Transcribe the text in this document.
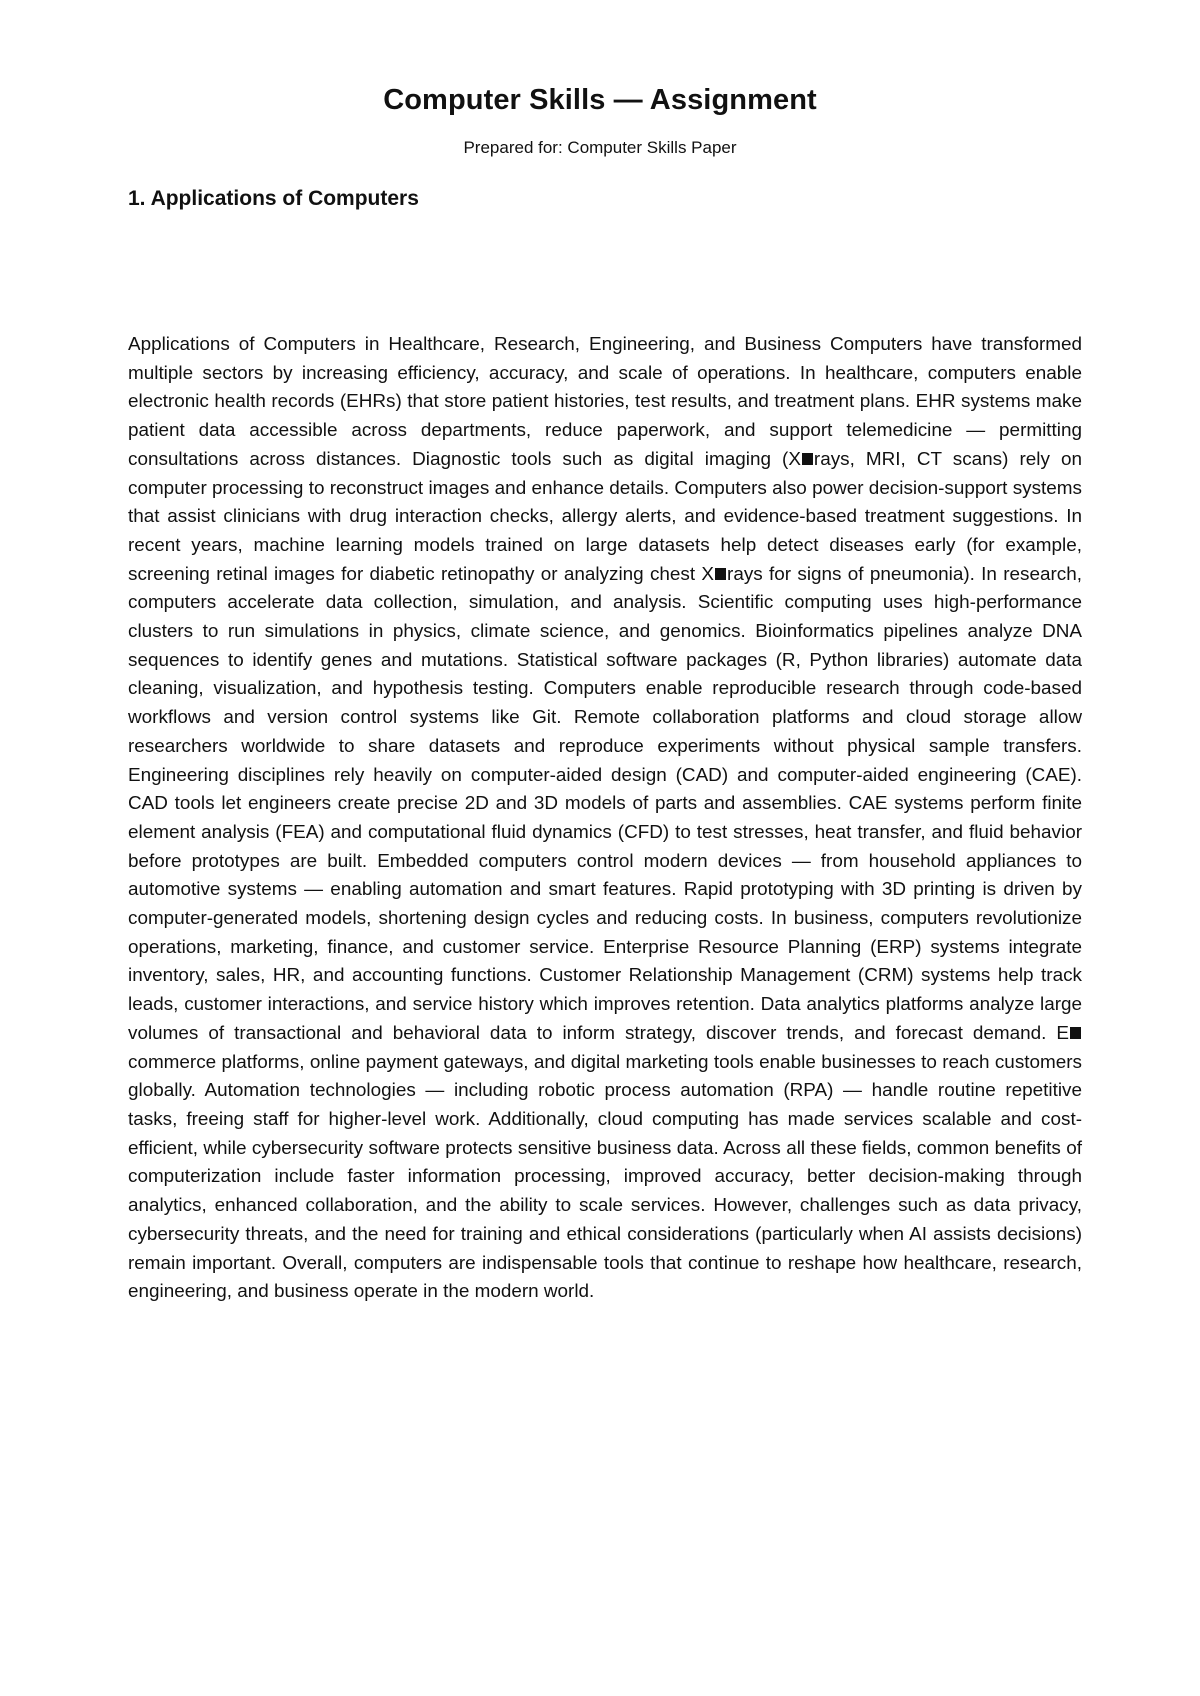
Computer Skills — Assignment

Prepared for: Computer Skills Paper

1. Applications of Computers

Applications of Computers in Healthcare, Research, Engineering, and Business Computers have transformed multiple sectors by increasing efficiency, accuracy, and scale of operations. In healthcare, computers enable electronic health records (EHRs) that store patient histories, test results, and treatment plans. EHR systems make patient data accessible across departments, reduce paperwork, and support telemedicine — permitting consultations across distances. Diagnostic tools such as digital imaging (X rays, MRI, CT scans) rely on computer processing to reconstruct images and enhance details. Computers also power decision-support systems that assist clinicians with drug interaction checks, allergy alerts, and evidence-based treatment suggestions. In recent years, machine learning models trained on large datasets help detect diseases early (for example, screening retinal images for diabetic retinopathy or analyzing chest X rays for signs of pneumonia). In research, computers accelerate data collection, simulation, and analysis. Scientific computing uses high-performance clusters to run simulations in physics, climate science, and genomics. Bioinformatics pipelines analyze DNA sequences to identify genes and mutations. Statistical software packages (R, Python libraries) automate data cleaning, visualization, and hypothesis testing. Computers enable reproducible research through code-based workflows and version control systems like Git. Remote collaboration platforms and cloud storage allow researchers worldwide to share datasets and reproduce experiments without physical sample transfers. Engineering disciplines rely heavily on computer-aided design (CAD) and computer-aided engineering (CAE). CAD tools let engineers create precise 2D and 3D models of parts and assemblies. CAE systems perform finite element analysis (FEA) and computational fluid dynamics (CFD) to test stresses, heat transfer, and fluid behavior before prototypes are built. Embedded computers control modern devices — from household appliances to automotive systems — enabling automation and smart features. Rapid prototyping with 3D printing is driven by computer-generated models, shortening design cycles and reducing costs. In business, computers revolutionize operations, marketing, finance, and customer service. Enterprise Resource Planning (ERP) systems integrate inventory, sales, HR, and accounting functions. Customer Relationship Management (CRM) systems help track leads, customer interactions, and service history which improves retention. Data analytics platforms analyze large volumes of transactional and behavioral data to inform strategy, discover trends, and forecast demand. Ecommerce platforms, online payment gateways, and digital marketing tools enable businesses to reach customers globally. Automation technologies — including robotic process automation (RPA) — handle routine repetitive tasks, freeing staff for higher-level work. Additionally, cloud computing has made services scalable and cost-efficient, while cybersecurity software protects sensitive business data. Across all these fields, common benefits of computerization include faster information processing, improved accuracy, better decision-making through analytics, enhanced collaboration, and the ability to scale services. However, challenges such as data privacy, cybersecurity threats, and the need for training and ethical considerations (particularly when AI assists decisions) remain important. Overall, computers are indispensable tools that continue to reshape how healthcare, research, engineering, and business operate in the modern world.
